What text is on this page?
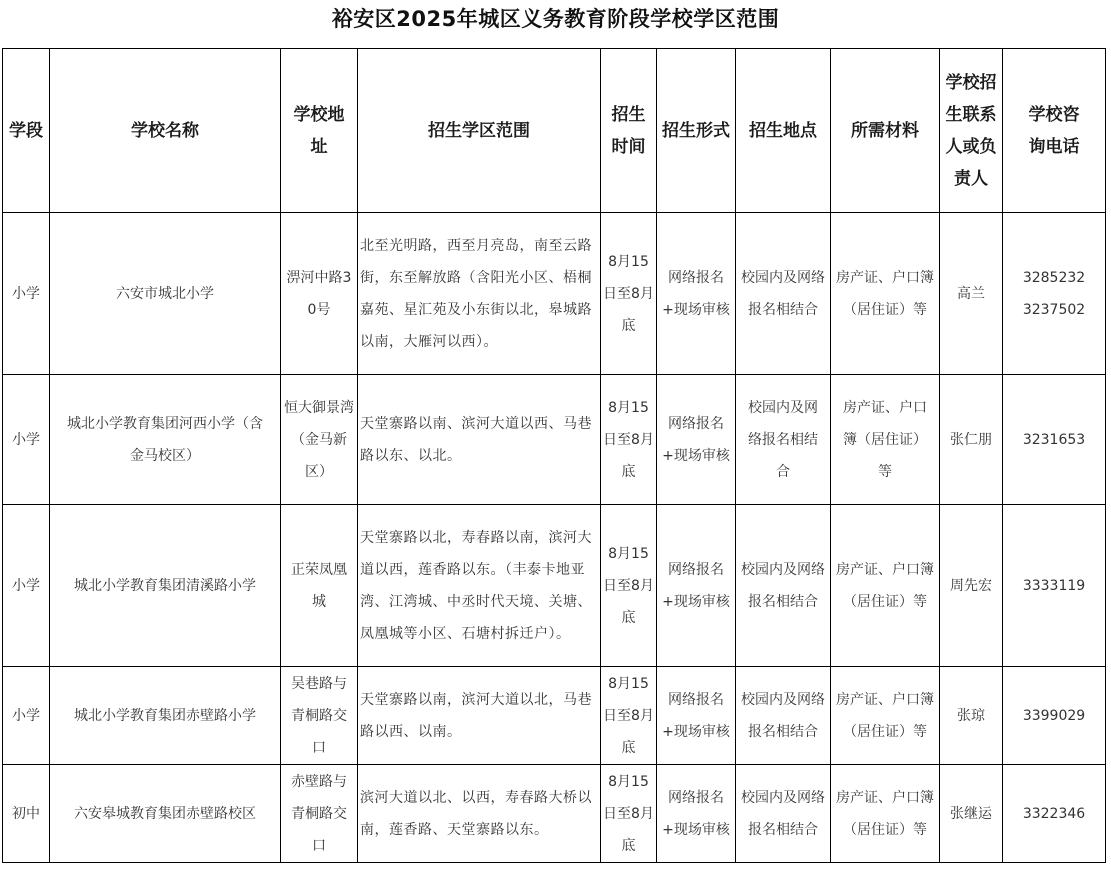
裕安区2025年城区义务教育阶段学校学区范围
学段	学校名称	学校地址	招生学区范围	招生时间	招生形式	招生地点	所需材料	学校招生联系人或负责人	学校咨询电话

小学	六安市城北小学	淠河中路30号	北至光明路，西至月亮岛，南至云路街，东至解放路（含阳光小区、梧桐嘉苑、星汇苑及小东街以北，皋城路以南，大雁河以西）。	8月15日至8月底	网络报名+现场审核	校园内及网络报名相结合	房产证、户口簿（居住证）等	高兰	3285232
3237502
小学	城北小学教育集团河西小学（含金马校区）	恒大御景湾（金马新区）	天堂寨路以南、滨河大道以西、马巷路以东、以北。	8月15日至8月底	网络报名+现场审核	校园内及网络报名相结合	房产证、户口簿（居住证）等	张仁朋	3231653
小学	城北小学教育集团清溪路小学	正荣凤凰城	天堂寨路以北，寿春路以南，滨河大道以西，莲香路以东。（丰泰卡地亚湾、江湾城、中丞时代天境、关塘、凤凰城等小区、石塘村拆迁户）。	8月15日至8月底	网络报名+现场审核	校园内及网络报名相结合	房产证、户口簿（居住证）等	周先宏	3333119
小学	城北小学教育集团赤壁路小学	吴巷路与青桐路交口	天堂寨路以南，滨河大道以北，马巷路以西、以南。	8月15日至8月底	网络报名+现场审核	校园内及网络报名相结合	房产证、户口簿（居住证）等	张琼	3399029
初中	六安皋城教育集团赤壁路校区	赤壁路与青桐路交口	滨河大道以北、以西，寿春路大桥以南，莲香路、天堂寨路以东。	8月15日至8月底	网络报名+现场审核	校园内及网络报名相结合	房产证、户口簿（居住证）等	张继运	3322346
